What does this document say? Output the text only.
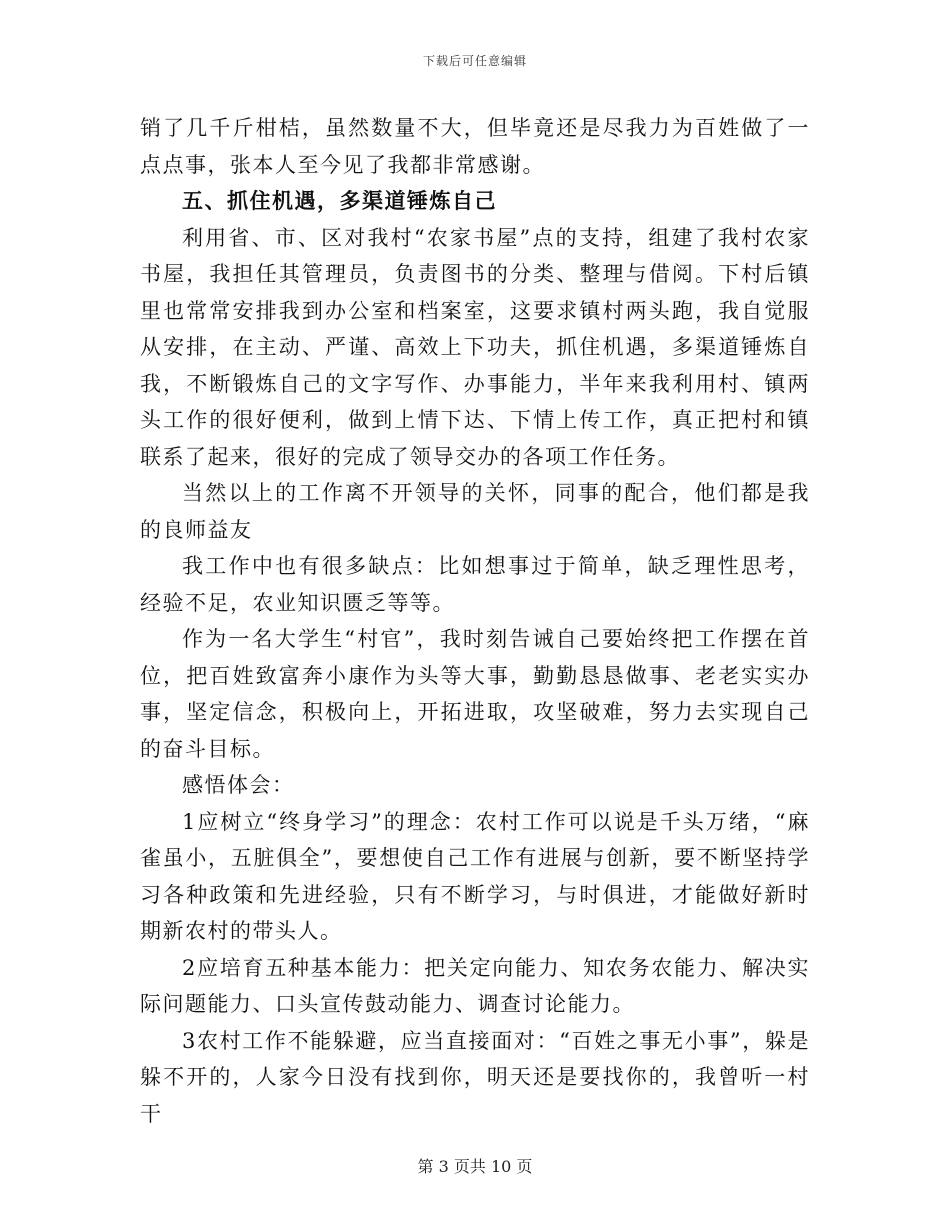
下载后可任意编辑

销了几千斤柑桔，虽然数量不大，但毕竟还是尽我力为百姓做了一点点事，张本人至今见了我都非常感谢。

五、抓住机遇，多渠道锤炼自己

利用省、市、区对我村“农家书屋”点的支持，组建了我村农家书屋，我担任其管理员，负责图书的分类、整理与借阅。下村后镇里也常常安排我到办公室和档案室，这要求镇村两头跑，我自觉服从安排，在主动、严谨、高效上下功夫，抓住机遇，多渠道锤炼自我，不断锻炼自己的文字写作、办事能力，半年来我利用村、镇两头工作的很好便利，做到上情下达、下情上传工作，真正把村和镇联系了起来，很好的完成了领导交办的各项工作任务。

当然以上的工作离不开领导的关怀，同事的配合，他们都是我的良师益友

我工作中也有很多缺点：比如想事过于简单，缺乏理性思考，经验不足，农业知识匮乏等等。

作为一名大学生“村官”，我时刻告诫自己要始终把工作摆在首位，把百姓致富奔小康作为头等大事，勤勤恳恳做事、老老实实办事，坚定信念，积极向上，开拓进取，攻坚破难，努力去实现自己的奋斗目标。

感悟体会：

1应树立“终身学习”的理念：农村工作可以说是千头万绪，“麻雀虽小，五脏俱全”，要想使自己工作有进展与创新，要不断坚持学习各种政策和先进经验，只有不断学习，与时俱进，才能做好新时期新农村的带头人。

2应培育五种基本能力：把关定向能力、知农务农能力、解决实际问题能力、口头宣传鼓动能力、调查讨论能力。

3农村工作不能躲避，应当直接面对：“百姓之事无小事”，躲是躲不开的，人家今日没有找到你，明天还是要找你的，我曾听一村干

第 3 页共 10 页
